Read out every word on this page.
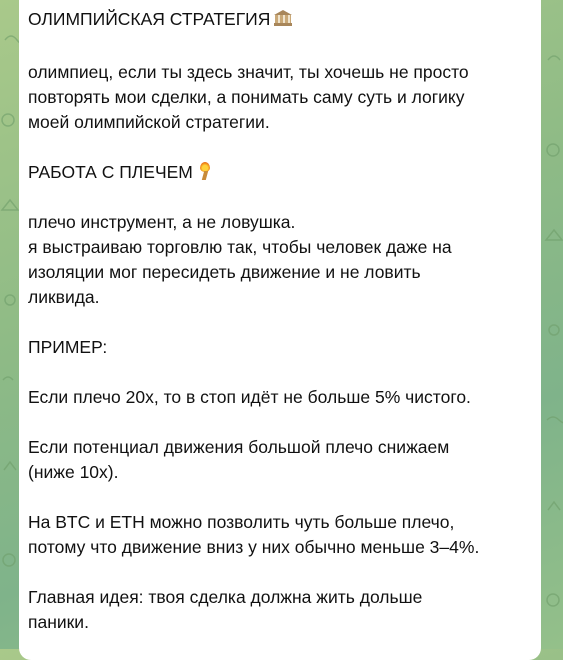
ОЛИМПИЙСКАЯ СТРАТЕГИЯ
олимпиец, если ты здесь значит, ты хочешь не просто
повторять мои сделки, а понимать саму суть и логику
моей олимпийской стратегии.
РАБОТА С ПЛЕЧЕМ
плечо инструмент, а не ловушка.
я выстраиваю торговлю так, чтобы человек даже на
изоляции мог пересидеть движение и не ловить
ликвида.
ПРИМЕР:
Если плечо 20х, то в стоп идёт не больше 5% чистого.
Если потенциал движения большой плечо снижаем
(ниже 10х).
На BTC и ETH можно позволить чуть больше плечо,
потому что движение вниз у них обычно меньше 3–4%.
Главная идея: твоя сделка должна жить дольше
паники.
